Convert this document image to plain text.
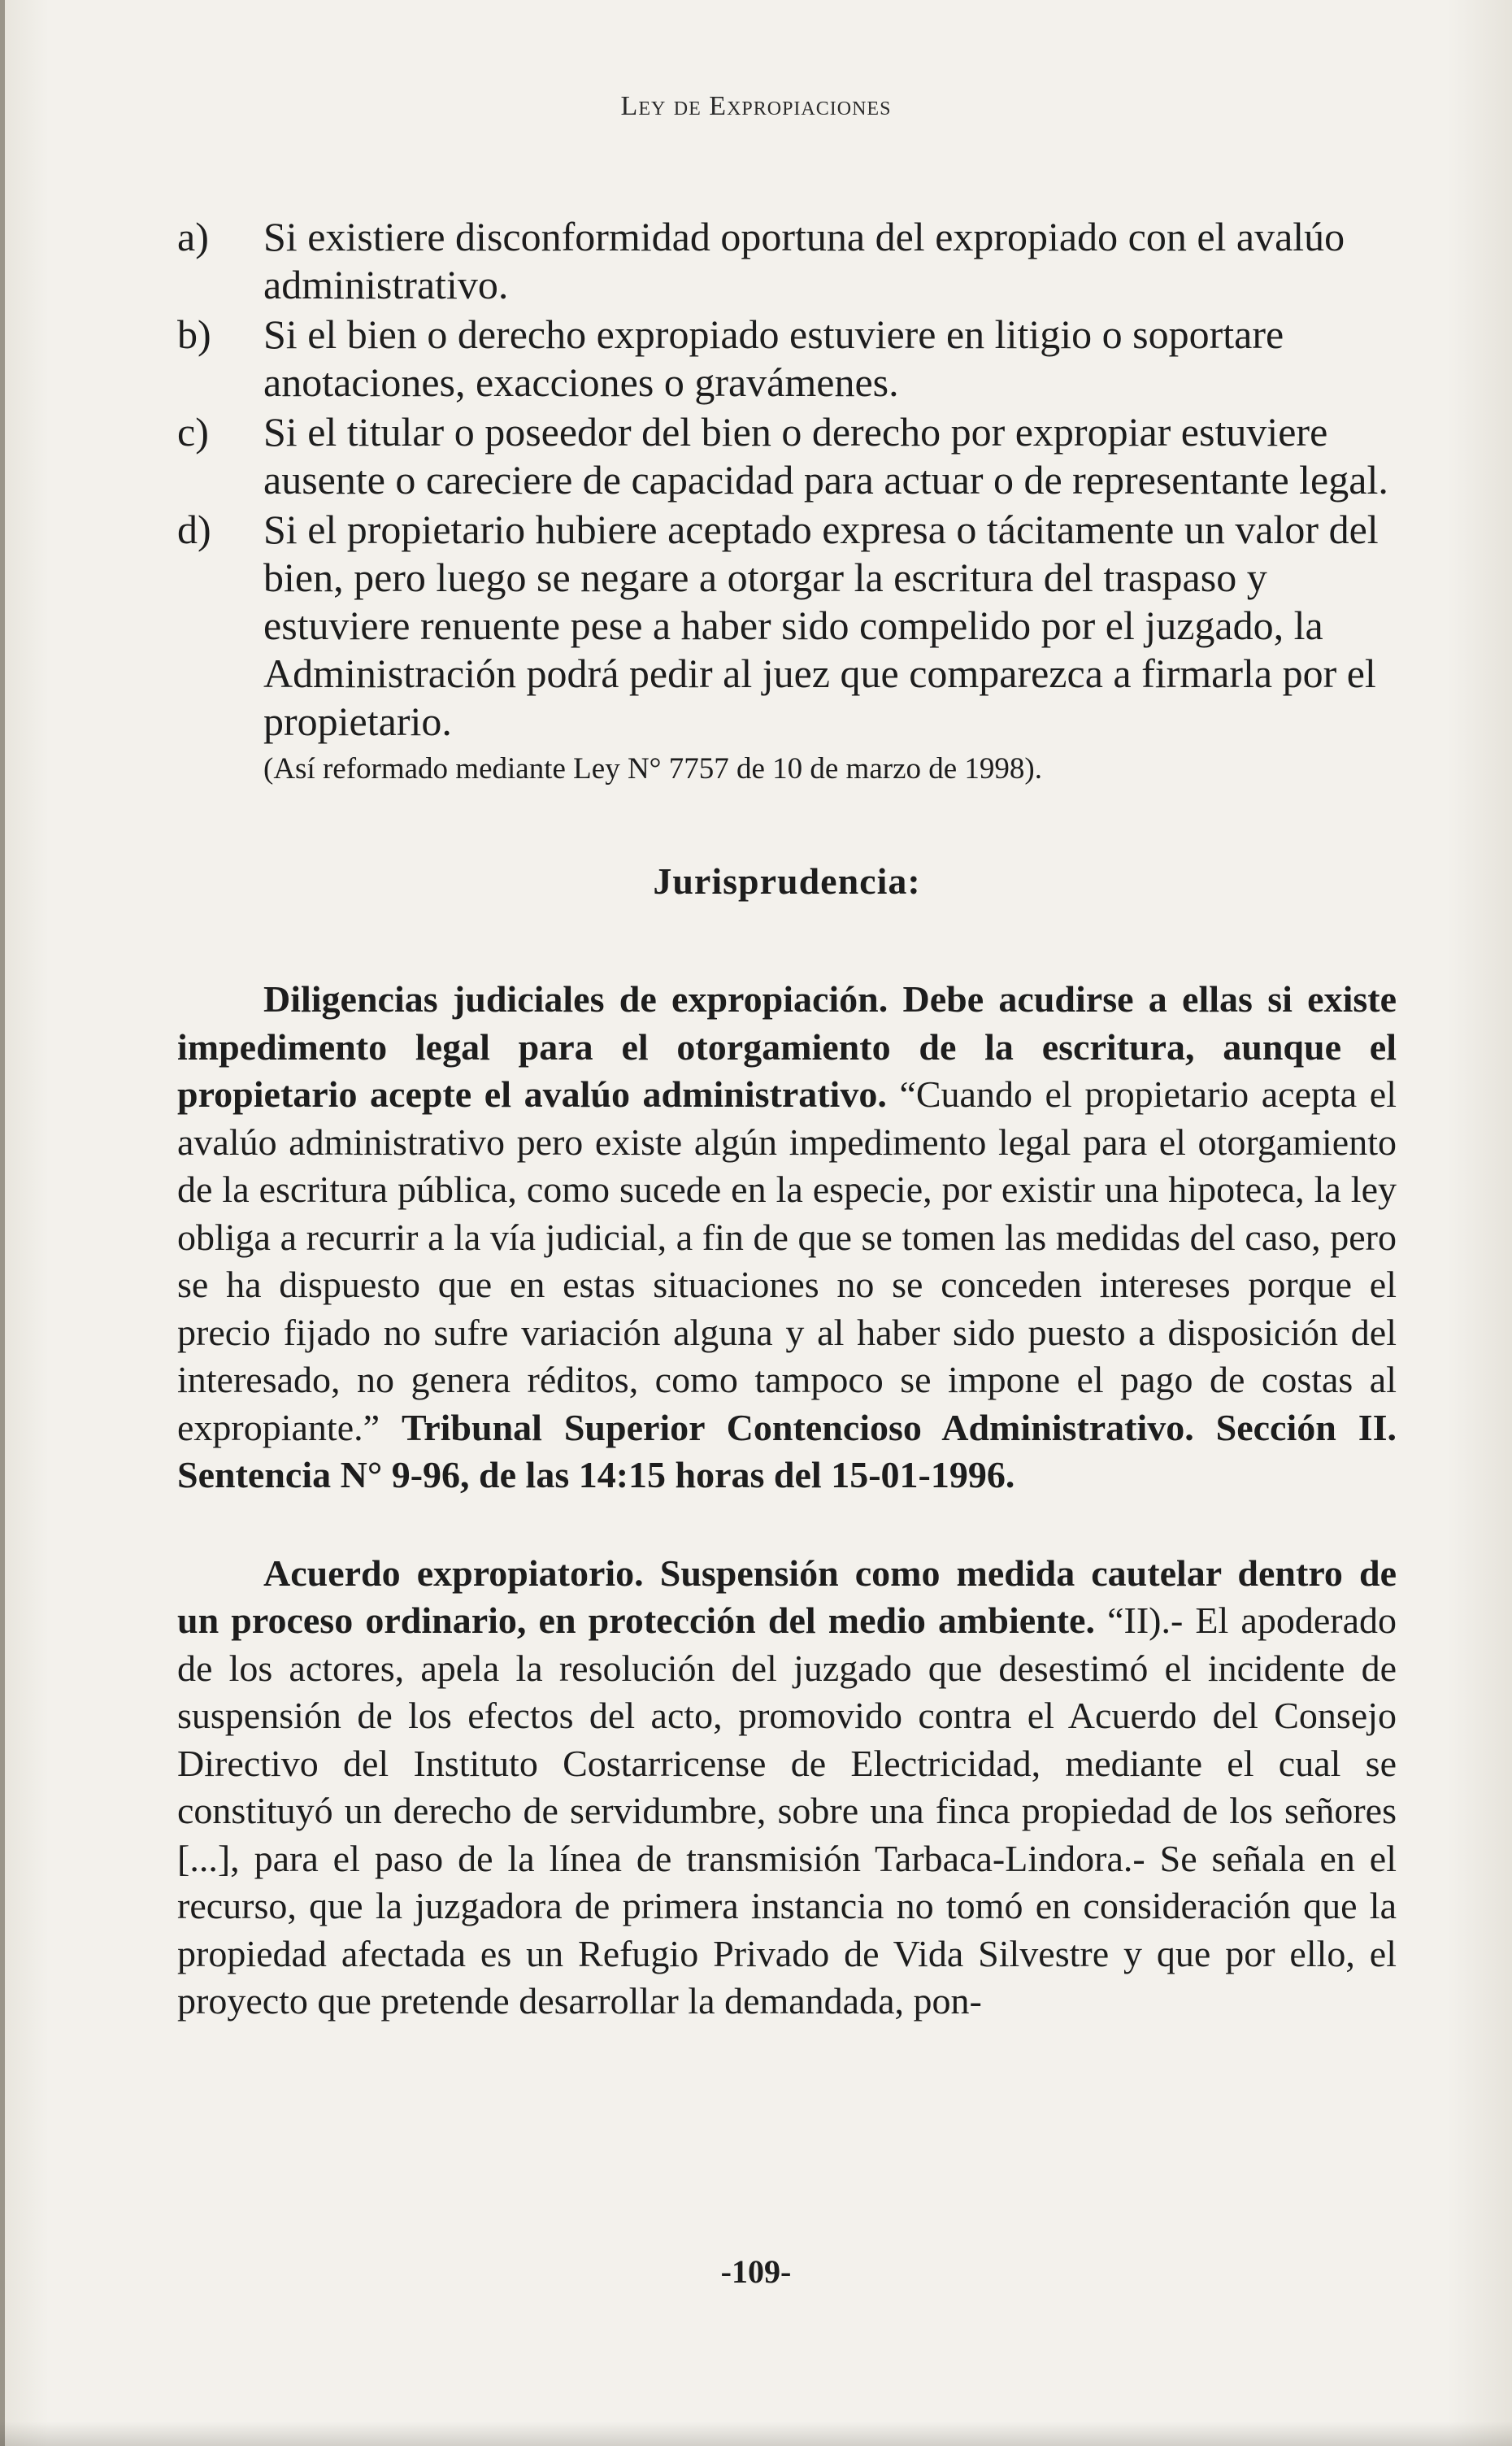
Ley de Expropiaciones
a) Si existiere disconformidad oportuna del expropiado con el avalúo administrativo.
b) Si el bien o derecho expropiado estuviere en litigio o soportare anotaciones, exacciones o gravámenes.
c) Si el titular o poseedor del bien o derecho por expropiar estuviere ausente o careciere de capacidad para actuar o de representante legal.
d) Si el propietario hubiere aceptado expresa o tácitamente un valor del bien, pero luego se negare a otorgar la escritura del traspaso y estuviere renuente pese a haber sido compelido por el juzgado, la Administración podrá pedir al juez que comparezca a firmarla por el propietario.
(Así reformado mediante Ley N° 7757 de 10 de marzo de 1998).
Jurisprudencia:

Diligencias judiciales de expropiación. Debe acudirse a ellas si existe impedimento legal para el otorgamiento de la escritura, aunque el propietario acepte el avalúo administrativo. “Cuando el propietario acepta el avalúo administrativo pero existe algún impedimento legal para el otorgamiento de la escritura pública, como sucede en la especie, por existir una hipoteca, la ley obliga a recurrir a la vía judicial, a fin de que se tomen las medidas del caso, pero se ha dispuesto que en estas situaciones no se conceden intereses porque el precio fijado no sufre variación alguna y al haber sido puesto a disposición del interesado, no genera réditos, como tampoco se impone el pago de costas al expropiante.” Tribunal Superior Contencioso Administrativo. Sección II. Sentencia N° 9-96, de las 14:15 horas del 15-01-1996.

Acuerdo expropiatorio. Suspensión como medida cautelar dentro de un proceso ordinario, en protección del medio ambiente. “II).- El apoderado de los actores, apela la resolución del juzgado que desestimó el incidente de suspensión de los efectos del acto, promovido contra el Acuerdo del Consejo Directivo del Instituto Costarricense de Electricidad, mediante el cual se constituyó un derecho de servidumbre, sobre una finca propiedad de los señores [...], para el paso de la línea de transmisión Tarbaca-Lindora.- Se señala en el recurso, que la juzgadora de primera instancia no tomó en consideración que la propiedad afectada es un Refugio Privado de Vida Silvestre y que por ello, el proyecto que pretende desarrollar la demandada, pon-

-109-
